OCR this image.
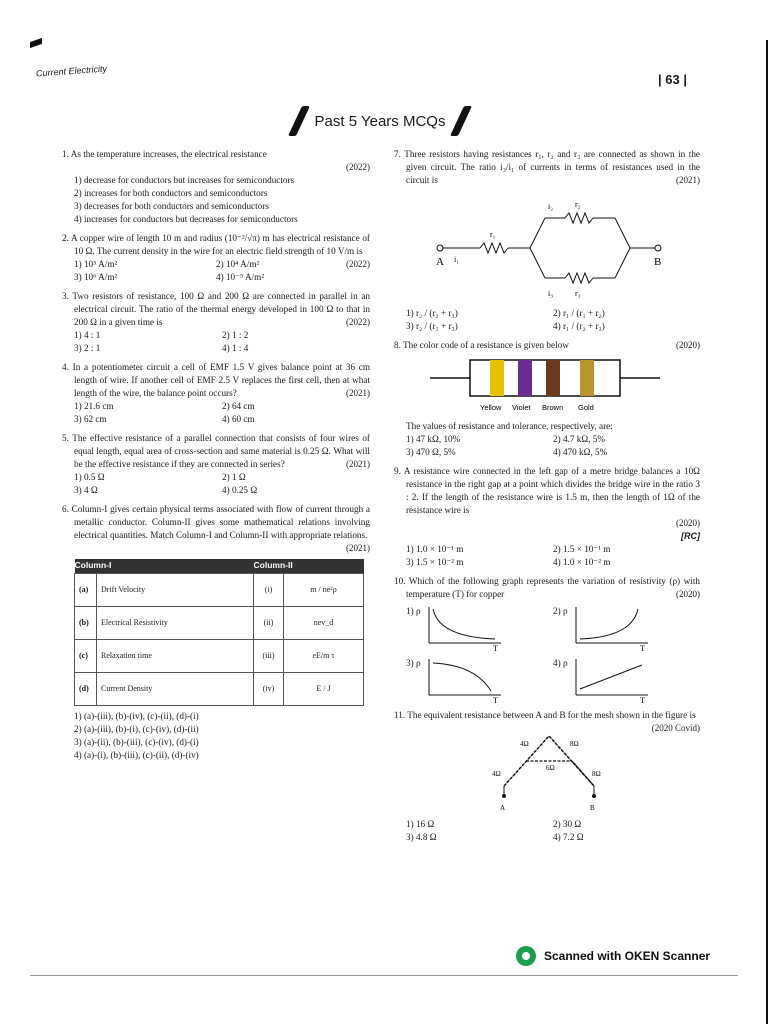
Current Electricity
| 63 |
Past 5 Years MCQs
1. As the temperature increases, the electrical resistance
(2022)
1) decrease for conductors but increases for semiconductors
2) increases for both conductors and semiconductors
3) decreases for both conductors and semiconductors
4) increases for conductors but decreases for semiconductors
2. A copper wire of length 10 m and radius (10⁻²/√π) m has electrical resistance of 10 Ω. The current density in the wire for an electric field strength of 10 V/m is
(2022)
1) 10⁵ A/m²	2) 10⁴ A/m²
3) 10⁶ A/m²	4) 10⁻⁵ A/m²
3. Two resistors of resistance, 100 Ω and 200 Ω are connected in parallel in an electrical circuit. The ratio of the thermal energy developed in 100 Ω to that in 200 Ω in a given time is	(2022)
1) 4 : 1	2) 1 : 2
3) 2 : 1	4) 1 : 4
4. In a potentiometer circuit a cell of EMF 1.5 V gives balance point at 36 cm length of wire. If another cell of EMF 2.5 V replaces the first cell, then at what length of the wire, the balance point occurs?	(2021)
1) 21.6 cm	2) 64 cm
3) 62 cm	4) 60 cm
5. The effective resistance of a parallel connection that consists of four wires of equal length, equal area of cross-section and same material is 0.25 Ω. What will be the effective resistance if they are connected in series?	(2021)
1) 0.5 Ω	2) 1 Ω
3) 4 Ω	4) 0.25 Ω
6. Column-I gives certain physical terms associated with flow of current through a metallic conductor. Column-II gives some mathematical relations involving electrical quantities. Match Column-I and Column-II with appropriate relations.
(2021)
Column-I		Column-II	
(a)	Drift Velocity	(i)	m / ne²ρ
(b)	Electrical Resistivity	(ii)	nev_d
(c)	Relaxation time	(iii)	eE/m τ
(d)	Current Density	(iv)	E / J
1) (a)-(iii), (b)-(iv), (c)-(ii), (d)-(i)
2) (a)-(iii), (b)-(i), (c)-(iv), (d)-(ii)
3) (a)-(ii), (b)-(iii), (c)-(iv), (d)-(i)
4) (a)-(i), (b)-(iii), (c)-(ii), (d)-(iv)
7. Three resistors having resistances r₁, r₂ and r₃ are connected as shown in the given circuit. The ratio i₃/i₁ of currents in terms of resistances used in the circuit is	(2021)
A	B
i₁
r₁
i₂	r₂
i₃	r₃
1) r₂ / (r₂ + r₃)	2) r₁ / (r₁ + r₂)
3) r₂ / (r₁ + r₃)	4) r₁ / (r₂ + r₃)
8. The color code of a resistance is given below	(2020)
Yellow Violet Brown Gold
The values of resistance and tolerance, respectively, are:
1) 47 kΩ, 10%	2) 4.7 kΩ, 5%
3) 470 Ω, 5%	4) 470 kΩ, 5%
9. A resistance wire connected in the left gap of a metre bridge balances a 10Ω resistance in the right gap at a point which divides the bridge wire in the ratio 3 : 2. If the length of the resistance wire is 1.5 m, then the length of 1Ω of the resistance wire is
(2020)
[RC]
1) 1.0 × 10⁻¹ m	2) 1.5 × 10⁻¹ m
3) 1.5 × 10⁻² m	4) 1.0 × 10⁻² m
10. Which of the following graph represents the variation of resistivity (ρ) with temperature (T) for copper	(2020)
1) ρ
T
2) ρ
T
3) ρ
T
4) ρ
T
11. The equivalent resistance between A and B for the mesh shown in the figure is
(2020 Covid)
4Ω	8Ω
4Ω
6Ω
8Ω
A	B
1) 16 Ω	2) 30 Ω
3) 4.8 Ω	4) 7.2 Ω
Scanned with OKEN Scanner
